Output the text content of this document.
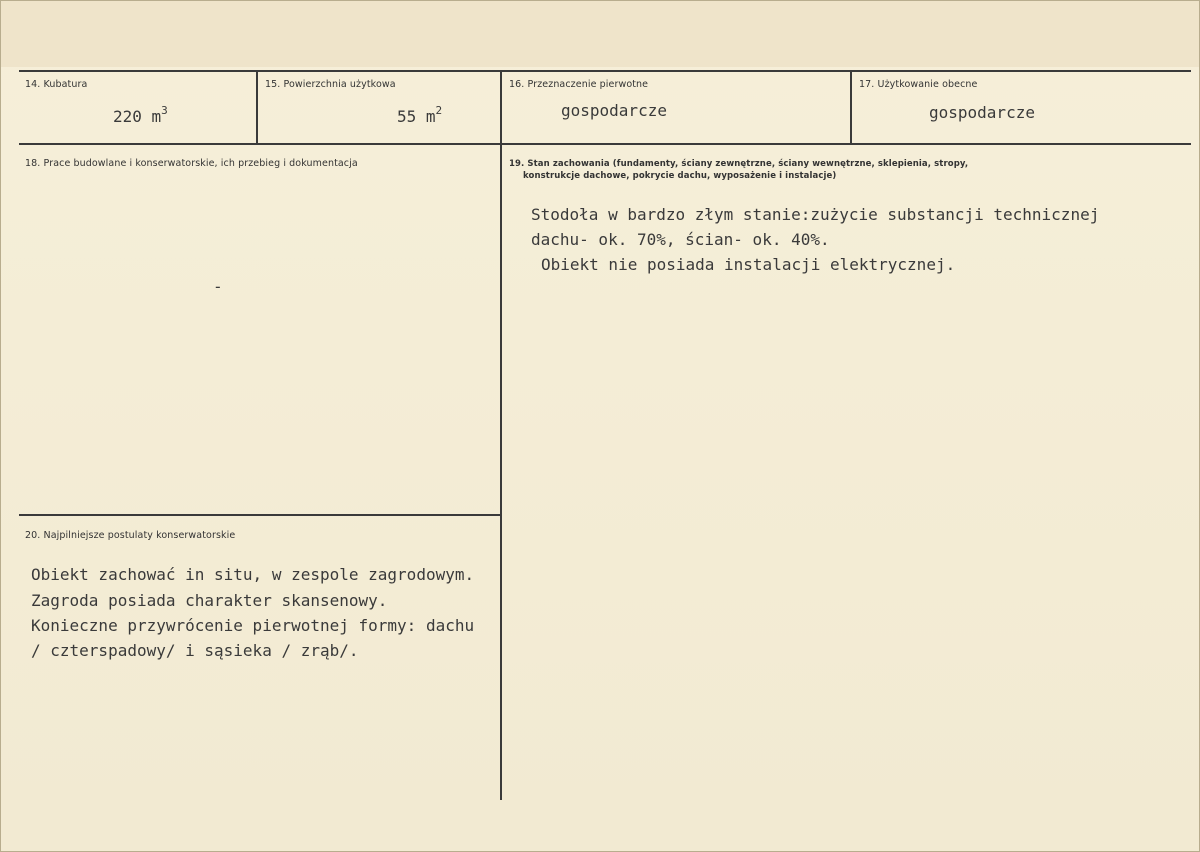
14. Kubatura
220 $m^3$
15. Powierzchnia użytkowa
55 $m^2$
16. Przeznaczenie pierwotne
gospodarcze
17. Użytkowanie obecne
gospodarcze
18. Prace budowlane i konserwatorskie, ich przebieg i dokumentacja
-
19. Stan zachowania (fundamenty, ściany zewnętrzne, ściany wewnętrzne, sklepienia, stropy,
konstrukcje dachowe, pokrycie dachu, wyposażenie i instalacje)
Stodoła w bardzo złym stanie:zużycie substancji technicznej
dachu- ok. 70%, ścian- ok. 40%.
Obiekt nie posiada instalacji elektrycznej.
20. Najpilniejsze postulaty konserwatorskie
Obiekt zachować in situ, w zespole zagrodowym.
Zagroda posiada charakter skansenowy.
Konieczne przywrócenie pierwotnej formy: dachu
/ czterspadowy/ i sąsieka / zrąb/.
